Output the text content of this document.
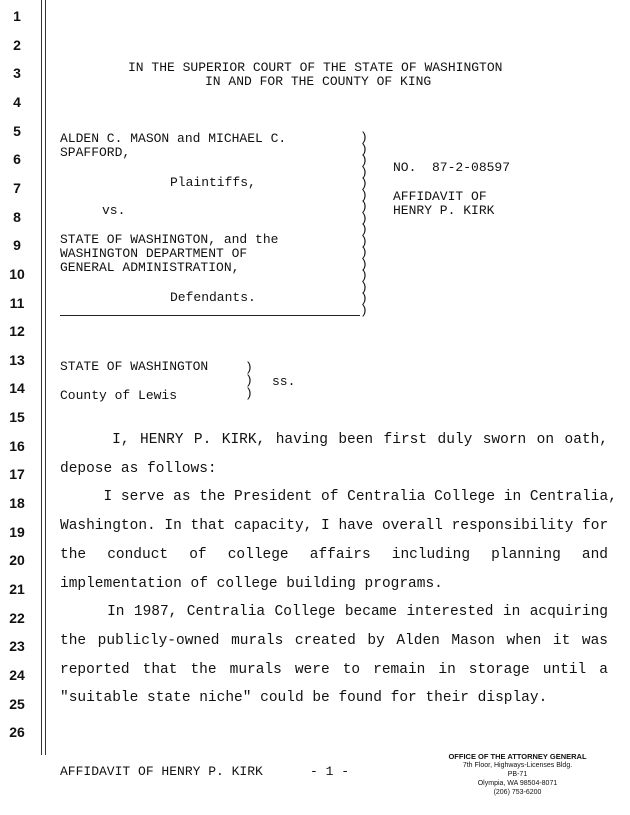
1
2
3
4
5
6
7
8
9
10
11
12
13
14
15
16
17
18
19
20
21
22
23
24
25
26
IN THE SUPERIOR COURT OF THE STATE OF WASHINGTON
IN AND FOR THE COUNTY OF KING
ALDEN C. MASON and MICHAEL C.
SPAFFORD,
Plaintiffs,
vs.
STATE OF WASHINGTON, and the
WASHINGTON DEPARTMENT OF
GENERAL ADMINISTRATION,
Defendants.
)
)
)
)
)
)
)
)
)
)
)
)
)
)
)
)
NO.  87-2-08597
AFFIDAVIT OF
HENRY P. KIRK
STATE OF WASHINGTON
County of Lewis
ss.
)
)
)
I, HENRY P. KIRK, having been first duly sworn on oath,
depose as follows:
I serve as the President of Centralia College in Centralia,
Washington. In that capacity, I have overall responsibility for
the conduct of college affairs including planning and
implementation of college building programs.
In 1987, Centralia College became interested in acquiring
the publicly-owned murals created by Alden Mason when it was
reported that the murals were to remain in storage until a
"suitable state niche" could be found for their display.
AFFIDAVIT OF HENRY P. KIRK	- 1 -
OFFICE OF THE ATTORNEY GENERAL
7th Floor, Highways-Licenses Bldg.
PB-71
Olympia, WA 98504-8071
(206) 753-6200
